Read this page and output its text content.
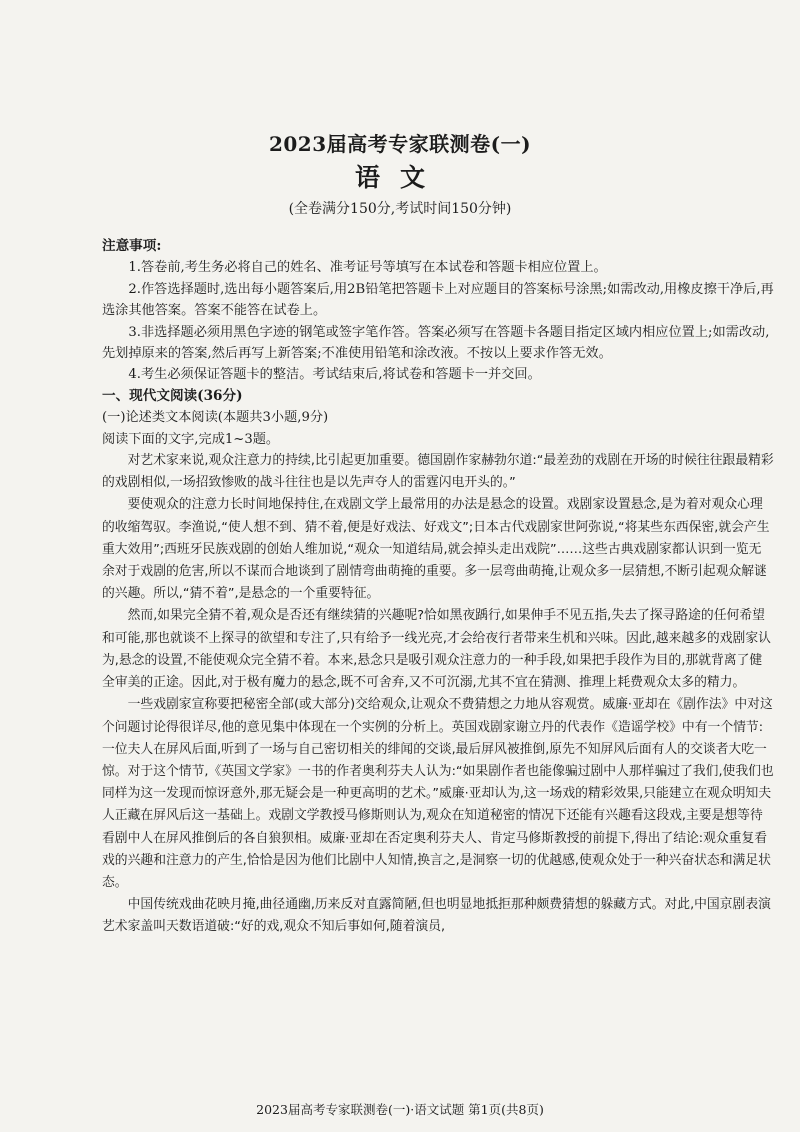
2023届高考专家联测卷(一)
语文
(全卷满分150分,考试时间150分钟)

注意事项:

1.答卷前,考生务必将自己的姓名、准考证号等填写在本试卷和答题卡相应位置上。

2.作答选择题时,选出每小题答案后,用2B铅笔把答题卡上对应题目的答案标号涂黑;如需改动,用橡皮擦干净后,再选涂其他答案。答案不能答在试卷上。

3.非选择题必须用黑色字迹的钢笔或签字笔作答。答案必须写在答题卡各题目指定区域内相应位置上;如需改动,先划掉原来的答案,然后再写上新答案;不准使用铅笔和涂改液。不按以上要求作答无效。

4.考生必须保证答题卡的整洁。考试结束后,将试卷和答题卡一并交回。

一、现代文阅读(36分)

(一)论述类文本阅读(本题共3小题,9分)

阅读下面的文字,完成1~3题。

对艺术家来说,观众注意力的持续,比引起更加重要。德国剧作家赫勃尔道:“最差劲的戏剧在开场的时候往往跟最精彩的戏剧相似,一场招致惨败的战斗往往也是以先声夺人的雷霆闪电开头的。”

要使观众的注意力长时间地保持住,在戏剧文学上最常用的办法是悬念的设置。戏剧家设置悬念,是为着对观众心理的收缩驾驭。李渔说,“使人想不到、猜不着,便是好戏法、好戏文”;日本古代戏剧家世阿弥说,“将某些东西保密,就会产生重大效用”;西班牙民族戏剧的创始人维加说,“观众一知道结局,就会掉头走出戏院”……这些古典戏剧家都认识到一览无余对于戏剧的危害,所以不谋而合地谈到了剧情弯曲萌掩的重要。多一层弯曲萌掩,让观众多一层猜想,不断引起观众解谜的兴趣。所以,“猜不着”,是悬念的一个重要特征。

然而,如果完全猜不着,观众是否还有继续猜的兴趣呢?恰如黑夜踽行,如果伸手不见五指,失去了探寻路途的任何希望和可能,那也就谈不上探寻的欲望和专注了,只有给予一线光亮,才会给夜行者带来生机和兴味。因此,越来越多的戏剧家认为,悬念的设置,不能使观众完全猜不着。本来,悬念只是吸引观众注意力的一种手段,如果把手段作为目的,那就背离了健全审美的正途。因此,对于极有魔力的悬念,既不可舍弃,又不可沉溺,尤其不宜在猜测、推理上耗费观众太多的精力。

一些戏剧家宣称要把秘密全部(或大部分)交给观众,让观众不费猜想之力地从容观赏。威廉·亚却在《剧作法》中对这个问题讨论得很详尽,他的意见集中体现在一个实例的分析上。英国戏剧家谢立丹的代表作《造谣学校》中有一个情节:一位夫人在屏风后面,听到了一场与自己密切相关的绯闻的交谈,最后屏风被推倒,原先不知屏风后面有人的交谈者大吃一惊。对于这个情节,《英国文学家》一书的作者奥利芬夫人认为:“如果剧作者也能像骗过剧中人那样骗过了我们,使我们也同样为这一发现而惊讶意外,那无疑会是一种更高明的艺术。”威廉·亚却认为,这一场戏的精彩效果,只能建立在观众明知夫人正藏在屏风后这一基础上。戏剧文学教授马修斯则认为,观众在知道秘密的情况下还能有兴趣看这段戏,主要是想等待看剧中人在屏风推倒后的各自狼狈相。威廉·亚却在否定奥利芬夫人、肯定马修斯教授的前提下,得出了结论:观众重复看戏的兴趣和注意力的产生,恰恰是因为他们比剧中人知情,换言之,是洞察一切的优越感,使观众处于一种兴奋状态和满足状态。

中国传统戏曲花映月掩,曲径通幽,历来反对直露简陋,但也明显地抵拒那种颇费猜想的躲藏方式。对此,中国京剧表演艺术家盖叫天数语道破:“好的戏,观众不知后事如何,随着演员,

2023届高考专家联测卷(一)·语文试题 第1页(共8页)
